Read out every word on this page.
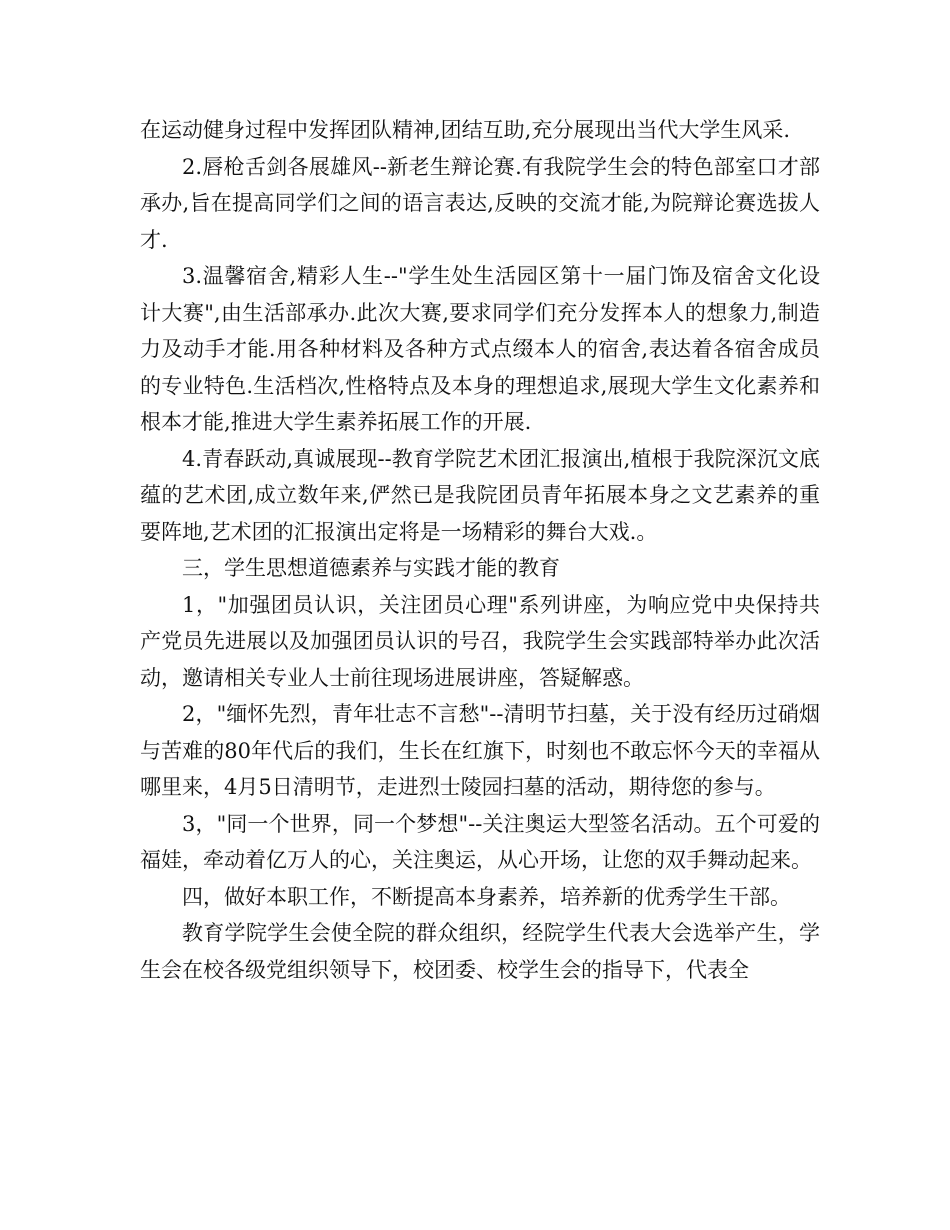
在运动健身过程中发挥团队精神,团结互助,充分展现出当代大学生风采.

2.唇枪舌剑各展雄风--新老生辩论赛.有我院学生会的特色部室口才部承办,旨在提高同学们之间的语言表达,反映的交流才能,为院辩论赛选拔人才.

3.温馨宿舍,精彩人生--"学生处生活园区第十一届门饰及宿舍文化设计大赛",由生活部承办.此次大赛,要求同学们充分发挥本人的想象力,制造力及动手才能.用各种材料及各种方式点缀本人的宿舍,表达着各宿舍成员的专业特色.生活档次,性格特点及本身的理想追求,展现大学生文化素养和根本才能,推进大学生素养拓展工作的开展.

4.青春跃动,真诚展现--教育学院艺术团汇报演出,植根于我院深沉文底蕴的艺术团,成立数年来,俨然已是我院团员青年拓展本身之文艺素养的重要阵地,艺术团的汇报演出定将是一场精彩的舞台大戏.。

三，学生思想道德素养与实践才能的教育

1，"加强团员认识，关注团员心理"系列讲座，为响应党中央保持共产党员先进展以及加强团员认识的号召，我院学生会实践部特举办此次活动，邀请相关专业人士前往现场进展讲座，答疑解惑。

2，"缅怀先烈，青年壮志不言愁"--清明节扫墓，关于没有经历过硝烟与苦难的80年代后的我们，生长在红旗下，时刻也不敢忘怀今天的幸福从哪里来，4月5日清明节，走进烈士陵园扫墓的活动，期待您的参与。

3，"同一个世界，同一个梦想"--关注奥运大型签名活动。五个可爱的福娃，牵动着亿万人的心，关注奥运，从心开场，让您的双手舞动起来。

四，做好本职工作，不断提高本身素养，培养新的优秀学生干部。

教育学院学生会使全院的群众组织，经院学生代表大会选举产生，学生会在校各级党组织领导下，校团委、校学生会的指导下，代表全
